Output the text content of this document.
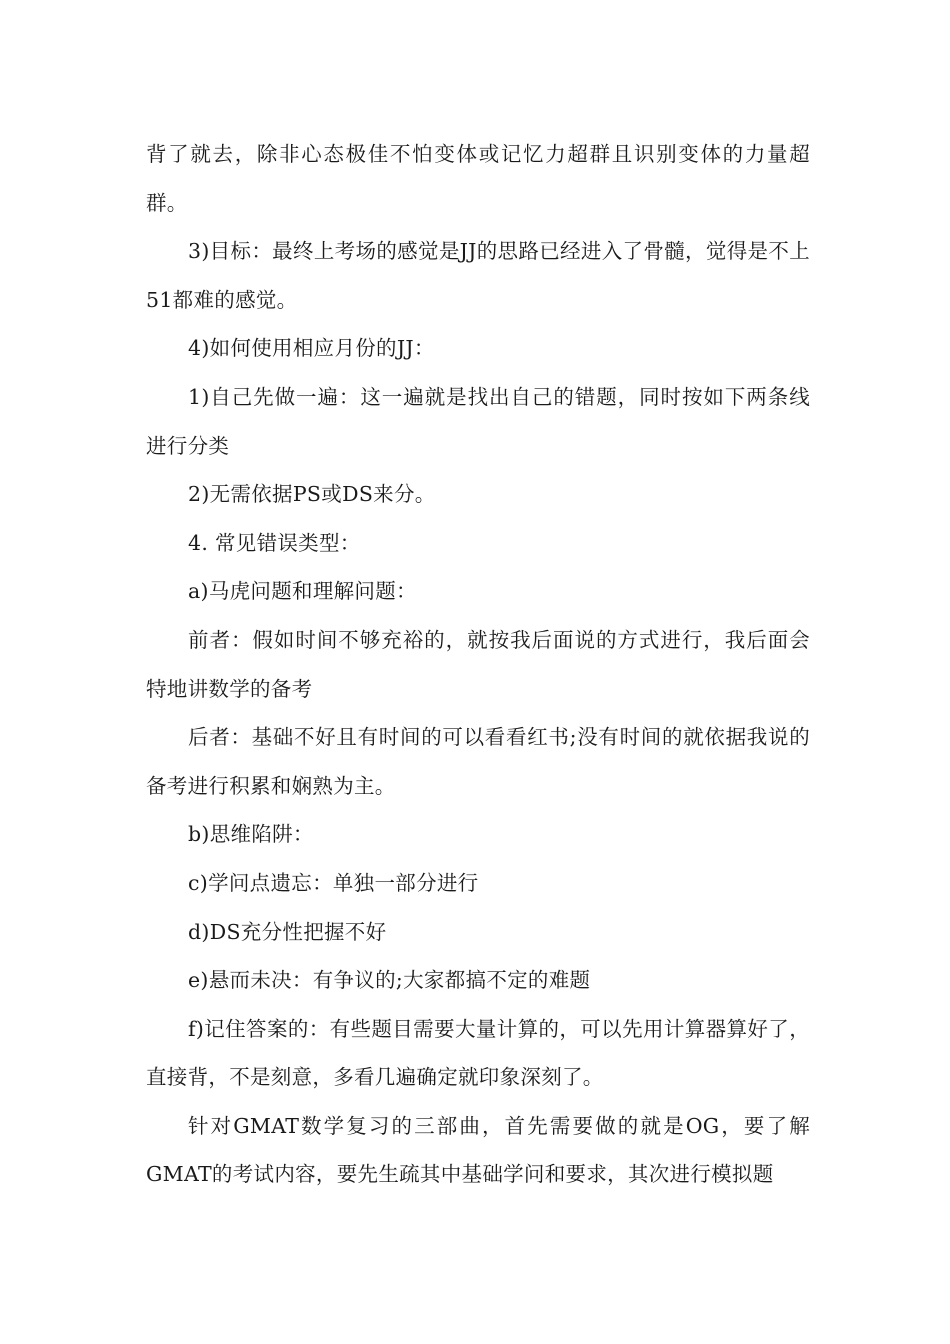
背了就去，除非心态极佳不怕变体或记忆力超群且识别变体的力量超群。

3)目标：最终上考场的感觉是JJ的思路已经进入了骨髓，觉得是不上51都难的感觉。

4)如何使用相应月份的JJ：

1)自己先做一遍：这一遍就是找出自己的错题，同时按如下两条线进行分类

2)无需依据PS或DS来分。

4. 常见错误类型：

a)马虎问题和理解问题：

前者：假如时间不够充裕的，就按我后面说的方式进行，我后面会特地讲数学的备考

后者：基础不好且有时间的可以看看红书;没有时间的就依据我说的备考进行积累和娴熟为主。

b)思维陷阱：

c)学问点遗忘：单独一部分进行

d)DS充分性把握不好

e)悬而未决：有争议的;大家都搞不定的难题

f)记住答案的：有些题目需要大量计算的，可以先用计算器算好了，直接背，不是刻意，多看几遍确定就印象深刻了。

针对GMAT数学复习的三部曲，首先需要做的就是OG，要了解GMAT的考试内容，要先生疏其中基础学问和要求，其次进行模拟题
